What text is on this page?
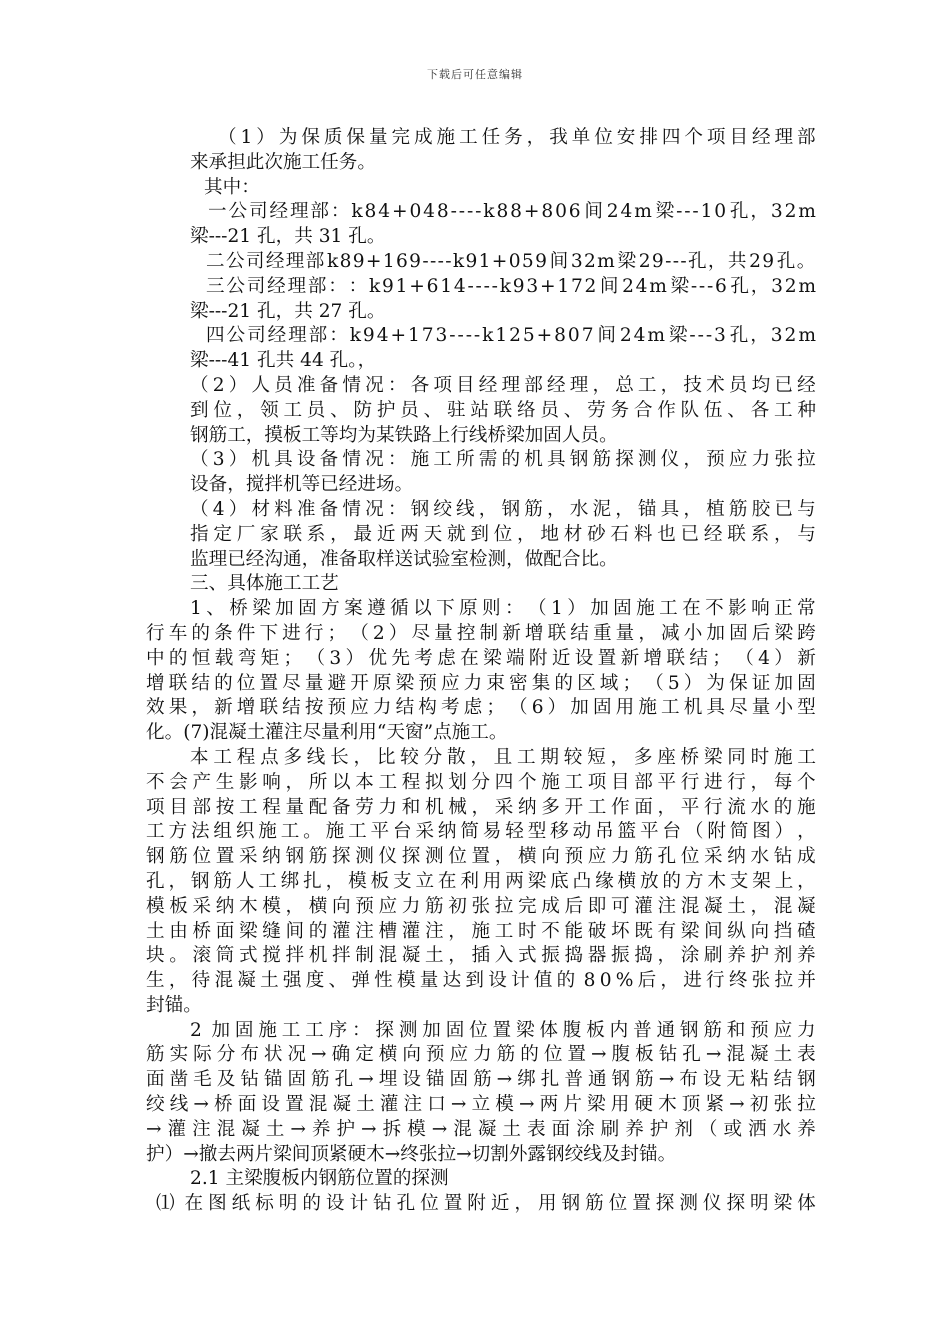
下载后可任意编辑
（ 1 ） 为 保 质 保 量 完 成 施 工 任 务 ， 我 单 位 安 排 四 个 项 目 经 理 部
来承担此次施工任务。
其中：
一 公 司 经 理 部 ： k 8 4 + 0 4 8 - - - - k 8 8 + 8 0 6 间 2 4 m 梁 - - - 1 0 孔 ， 3 2 m
梁---21 孔，共 31 孔。
二 公 司 经 理 部 k 8 9 + 1 6 9 - - - - k 9 1 + 0 5 9 间 3 2 m 梁 2 9 - - - 孔 ， 共 2 9 孔 。
三 公 司 经 理 部 ： ： k 9 1 + 6 1 4 - - - - k 9 3 + 1 7 2 间 2 4 m 梁 - - - 6 孔 ， 3 2 m
梁---21 孔，共 27 孔。
四 公 司 经 理 部 ： k 9 4 + 1 7 3 - - - - k 1 2 5 + 8 0 7 间 2 4 m 梁 - - - 3 孔 ， 3 2 m
梁---41 孔共 44 孔。，
（ 2 ） 人 员 准 备 情 况 ： 各 项 目 经 理 部 经 理 ， 总 工 ， 技 术 员 均 已 经
到 位 ， 领 工 员 、 防 护 员 、 驻 站 联 络 员 、 劳 务 合 作 队 伍 、 各 工 种
钢筋工，摸板工等均为某铁路上行线桥梁加固人员。
（ 3 ） 机 具 设 备 情 况 ： 施 工 所 需 的 机 具 钢 筋 探 测 仪 ， 预 应 力 张 拉
设备，搅拌机等已经进场。
（ 4 ） 材 料 准 备 情 况 ： 钢 绞 线 ， 钢 筋 ， 水 泥 ， 锚 具 ， 植 筋 胶 已 与
指 定 厂 家 联 系 ， 最 近 两 天 就 到 位 ， 地 材 砂 石 料 也 已 经 联 系 ， 与
监理已经沟通，准备取样送试验室检测，做配合比。
三、具体施工工艺
1 、 桥 梁 加 固 方 案 遵 循 以 下 原 则 ： （ 1 ） 加 固 施 工 在 不 影 响 正 常
行 车 的 条 件 下 进 行 ； （ 2 ） 尽 量 控 制 新 增 联 结 重 量 ， 减 小 加 固 后 梁 跨
中 的 恒 载 弯 矩 ； （ 3 ） 优 先 考 虑 在 梁 端 附 近 设 置 新 增 联 结 ； （ 4 ） 新
增 联 结 的 位 置 尽 量 避 开 原 梁 预 应 力 束 密 集 的 区 域 ； （ 5 ） 为 保 证 加 固
效 果 ， 新 增 联 结 按 预 应 力 结 构 考 虑 ； （ 6 ） 加 固 用 施 工 机 具 尽 量 小 型
化。(7)混凝土灌注尽量利用“天窗”点施工。
本 工 程 点 多 线 长 ， 比 较 分 散 ， 且 工 期 较 短 ， 多 座 桥 梁 同 时 施 工
不 会 产 生 影 响 ， 所 以 本 工 程 拟 划 分 四 个 施 工 项 目 部 平 行 进 行 ， 每 个
项 目 部 按 工 程 量 配 备 劳 力 和 机 械 ， 采 纳 多 开 工 作 面 ， 平 行 流 水 的 施
工 方 法 组 织 施 工 。 施 工 平 台 采 纳 简 易 轻 型 移 动 吊 篮 平 台 （ 附 简 图 ） ，
钢 筋 位 置 采 纳 钢 筋 探 测 仪 探 测 位 置 ， 横 向 预 应 力 筋 孔 位 采 纳 水 钻 成
孔 ， 钢 筋 人 工 绑 扎 ， 模 板 支 立 在 利 用 两 梁 底 凸 缘 横 放 的 方 木 支 架 上 ，
模 板 采 纳 木 模 ， 横 向 预 应 力 筋 初 张 拉 完 成 后 即 可 灌 注 混 凝 土 ， 混 凝
土 由 桥 面 梁 缝 间 的 灌 注 槽 灌 注 ， 施 工 时 不 能 破 坏 既 有 梁 间 纵 向 挡 碴
块 。 滚 筒 式 搅 拌 机 拌 制 混 凝 土 ， 插 入 式 振 捣 器 振 捣 ， 涂 刷 养 护 剂 养
生 ， 待 混 凝 土 强 度 、 弹 性 模 量 达 到 设 计 值 的 8 0 % 后 ， 进 行 终 张 拉 并
封锚。
2 加 固 施 工 工 序 ： 探 测 加 固 位 置 梁 体 腹 板 内 普 通 钢 筋 和 预 应 力
筋 实 际 分 布 状 况 → 确 定 横 向 预 应 力 筋 的 位 置 → 腹 板 钻 孔 → 混 凝 土 表
面 凿 毛 及 钻 锚 固 筋 孔 → 埋 设 锚 固 筋 → 绑 扎 普 通 钢 筋 → 布 设 无 粘 结 钢
绞 线 → 桥 面 设 置 混 凝 土 灌 注 口 → 立 模 → 两 片 梁 用 硬 木 顶 紧 → 初 张 拉
→ 灌 注 混 凝 土 → 养 护 → 拆 模 → 混 凝 土 表 面 涂 刷 养 护 剂 （ 或 洒 水 养
护）→撤去两片梁间顶紧硬木→终张拉→切割外露钢绞线及封锚。
2.1 主梁腹板内钢筋位置的探测
⑴ 在 图 纸 标 明 的 设 计 钻 孔 位 置 附 近 ， 用 钢 筋 位 置 探 测 仪 探 明 梁 体
